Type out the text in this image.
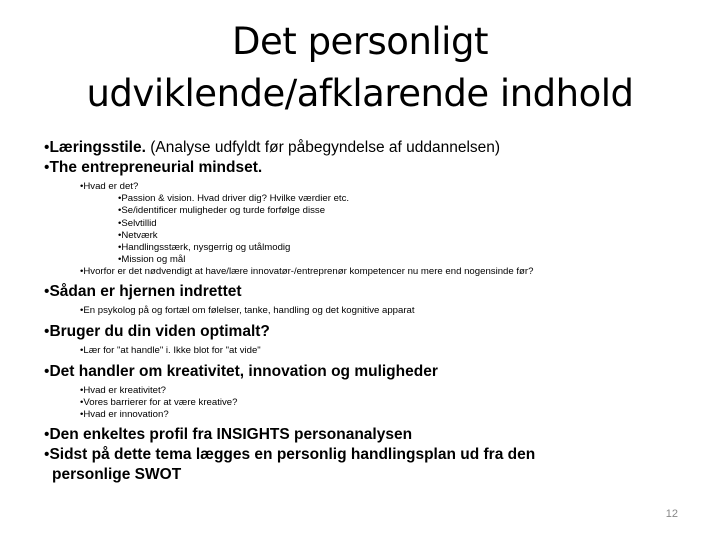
Det personligt
udviklende/afklarende indhold
•Læringsstile. (Analyse udfyldt før påbegyndelse af uddannelsen)
•The entrepreneurial mindset.
•Hvad er det?
•Passion & vision. Hvad driver dig? Hvilke værdier etc.
•Se/identificer muligheder og turde forfølge disse
•Selvtillid
•Netværk
•Handlingsstærk, nysgerrig og utålmodig
•Mission og mål
•Hvorfor er det nødvendigt at have/lære innovatør-/entreprenør kompetencer nu mere end nogensinde før?
•Sådan er hjernen indrettet
•En psykolog på og fortæl om følelser, tanke, handling og det kognitive apparat
•Bruger du din viden optimalt?
•Lær for "at handle" i. Ikke blot for "at vide"
•Det handler om kreativitet, innovation og muligheder
•Hvad er kreativitet?
•Vores barrierer for at være kreative?
•Hvad er innovation?
•Den enkeltes profil fra INSIGHTS personanalysen
•Sidst på dette tema lægges en personlig handlingsplan ud fra den
personlige SWOT
12
